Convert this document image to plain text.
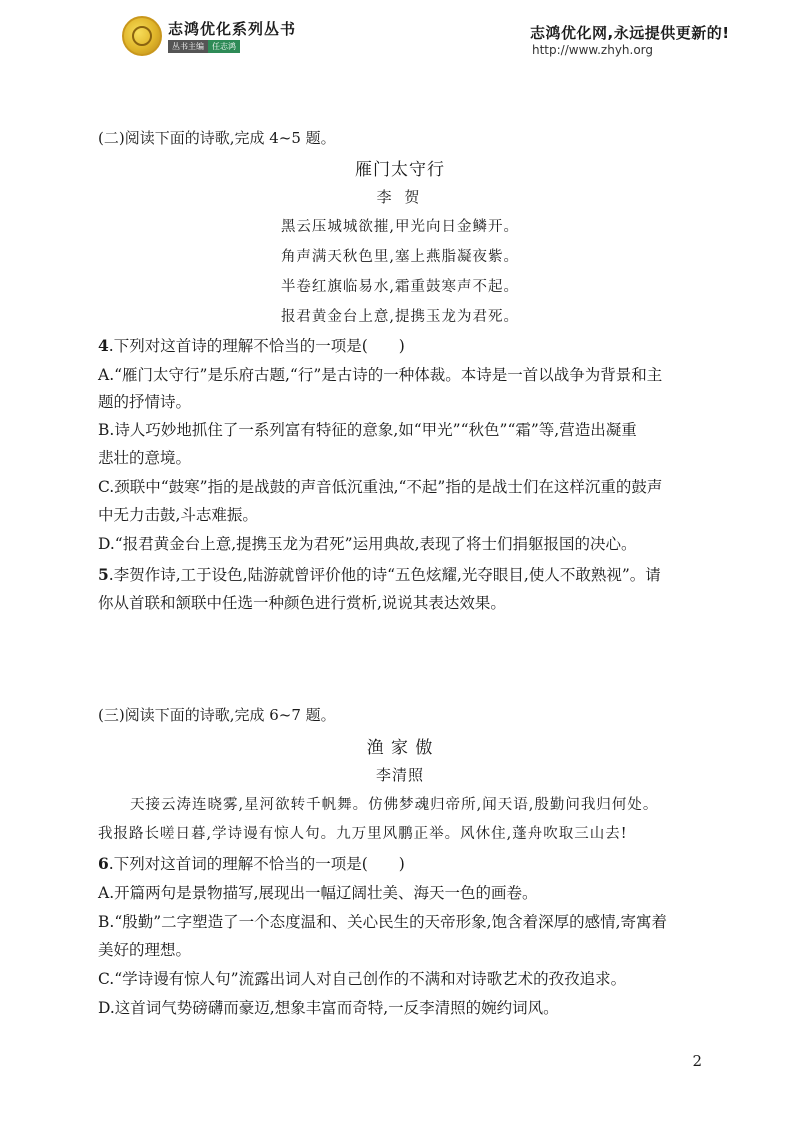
志鸿优化系列丛书
丛书主编	任志鸿
志鸿优化网,永远提供更新的!
http://www.zhyh.org
(二)阅读下面的诗歌,完成 4~5 题。
雁门太守行
李 贺
黑云压城城欲摧,甲光向日金鳞开。
角声满天秋色里,塞上燕脂凝夜紫。
半卷红旗临易水,霜重鼓寒声不起。
报君黄金台上意,提携玉龙为君死。
4.下列对这首诗的理解不恰当的一项是(　　)
A.“雁门太守行”是乐府古题,“行”是古诗的一种体裁。本诗是一首以战争为背景和主
题的抒情诗。
B.诗人巧妙地抓住了一系列富有特征的意象,如“甲光”“秋色”“霜”等,营造出凝重
悲壮的意境。
C.颈联中“鼓寒”指的是战鼓的声音低沉重浊,“不起”指的是战士们在这样沉重的鼓声
中无力击鼓,斗志难振。
D.“报君黄金台上意,提携玉龙为君死”运用典故,表现了将士们捐躯报国的决心。
5.李贺作诗,工于设色,陆游就曾评价他的诗“五色炫耀,光夺眼目,使人不敢熟视”。请
你从首联和颔联中任选一种颜色进行赏析,说说其表达效果。
(三)阅读下面的诗歌,完成 6~7 题。
渔 家 傲
李清照
天接云涛连晓雾,星河欲转千帆舞。仿佛梦魂归帝所,闻天语,殷勤问我归何处。
我报路长嗟日暮,学诗谩有惊人句。九万里风鹏正举。风休住,蓬舟吹取三山去!
6.下列对这首词的理解不恰当的一项是(　　)
A.开篇两句是景物描写,展现出一幅辽阔壮美、海天一色的画卷。
B.“殷勤”二字塑造了一个态度温和、关心民生的天帝形象,饱含着深厚的感情,寄寓着
美好的理想。
C.“学诗谩有惊人句”流露出词人对自己创作的不满和对诗歌艺术的孜孜追求。
D.这首词气势磅礴而豪迈,想象丰富而奇特,一反李清照的婉约词风。
2
